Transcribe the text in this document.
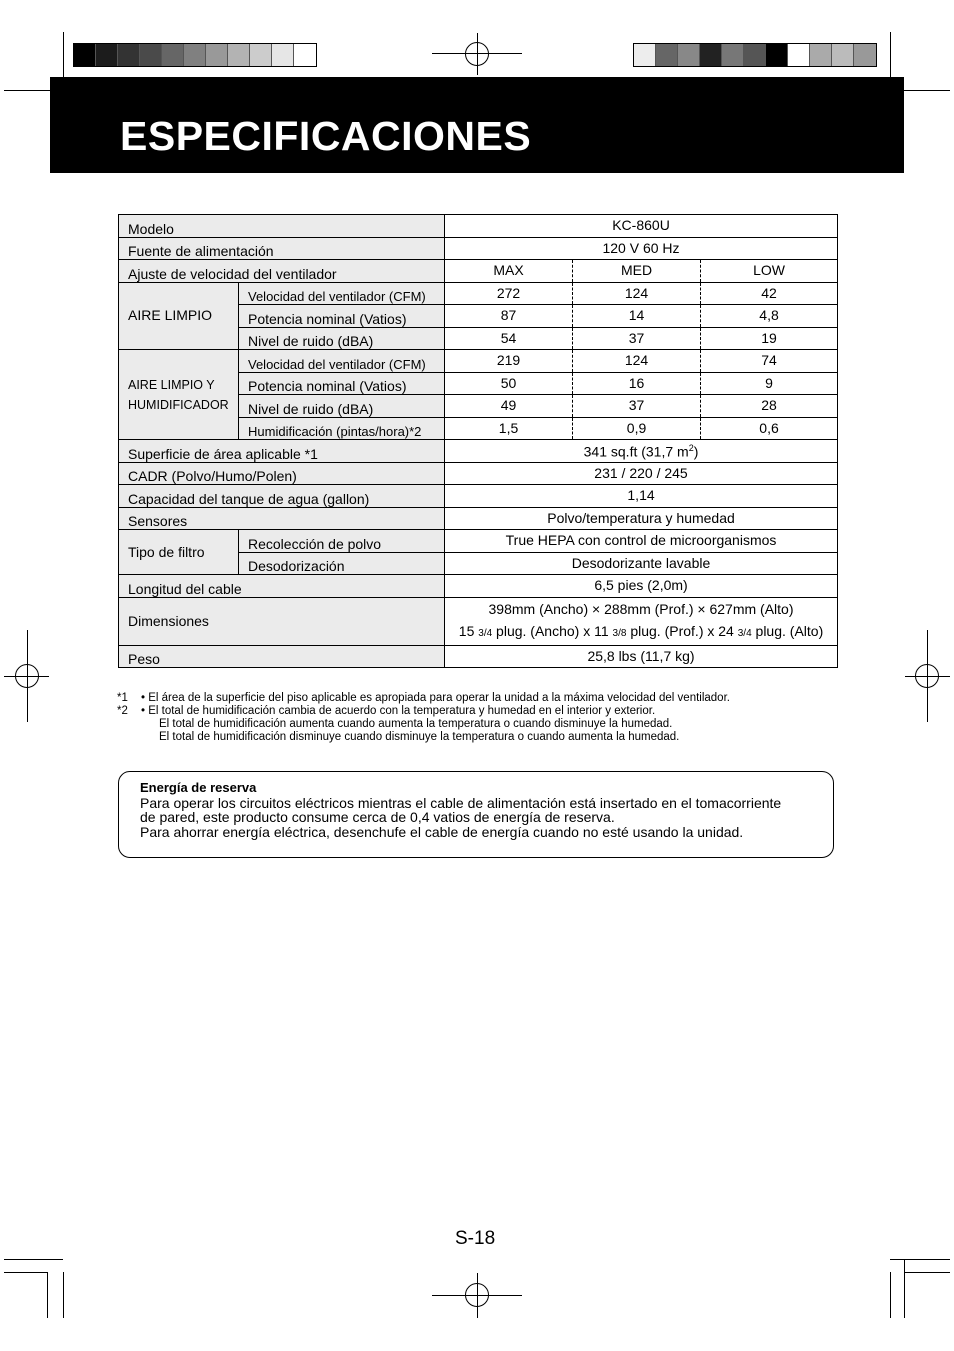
ESPECIFICACIONES
Modelo		KC-860U		
Fuente de alimentación		120 V 60 Hz		
Ajuste de velocidad del ventilador		MAX	MED	LOW
AIRE LIMPIO	Velocidad del ventilador (CFM)	272	124	42
	Potencia nominal (Vatios)	87	14	4,8
	Nivel de ruido (dBA)	54	37	19
AIRE LIMPIO Y
HUMIDIFICADOR	Velocidad del ventilador (CFM)	219	124	74
	Potencia nominal (Vatios)	50	16	9
	Nivel de ruido (dBA)	49	37	28
	Humidificación (pintas/hora)*2	1,5	0,9	0,6
Superficie de área aplicable *1		341 sq.ft (31,7 $m^2$)		
CADR (Polvo/Humo/Polen)		231 / 220 / 245		
Capacidad del tanque de agua (gallon)		1,14		
Sensores		Polvo/temperatura y humedad		
Tipo de filtro	Recolección de polvo	True HEPA con control de microorganismos		
	Desodorización	Desodorizante lavable		
Longitud del cable		6,5 pies (2,0m)		
Dimensiones		398mm (Ancho) × 288mm (Prof.) × 627mm (Alto)
15 3/4 plug. (Ancho) x 11 3/8 plug. (Prof.) x 24 3/4 plug. (Alto)		

Peso		25,8 lbs (11,7 kg)		
*1	• El área de la superficie del piso aplicable es apropiada para operar la unidad a la máxima velocidad del ventilador.
*2	• El total de humidificación cambia de acuerdo con la temperatura y humedad en el interior y exterior.
El total de humidificación aumenta cuando aumenta la temperatura o cuando disminuye la humedad.
El total de humidificación disminuye cuando disminuye la temperatura o cuando aumenta la humedad.
Energía de reserva
Para operar los circuitos eléctricos mientras el cable de alimentación está insertado en el tomacorriente
de pared, este producto consume cerca de 0,4 vatios de energía de reserva.
Para ahorrar energía eléctrica, desenchufe el cable de energía cuando no esté usando la unidad.
S-18
